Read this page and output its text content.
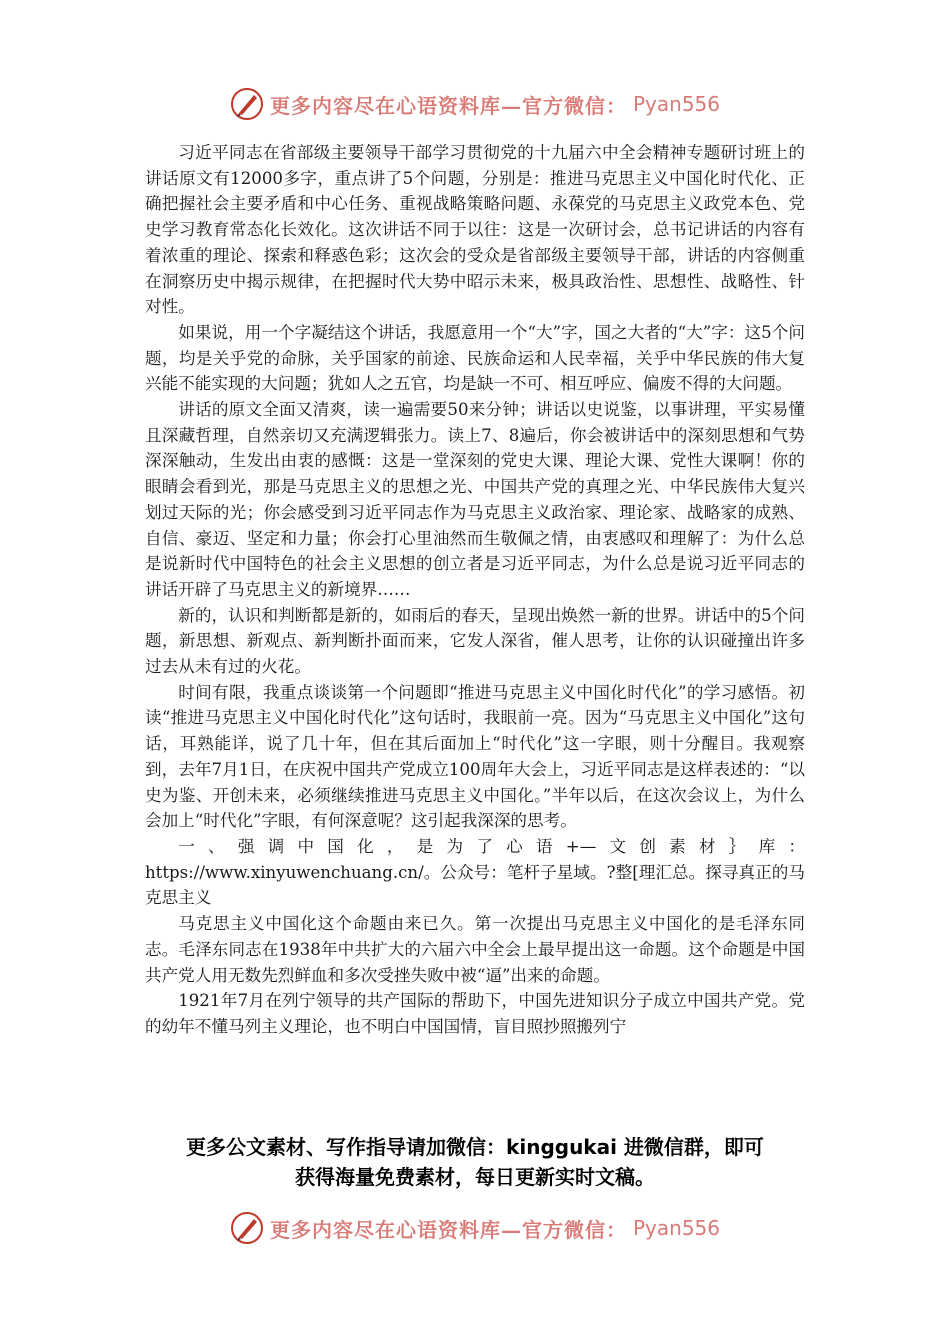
更多内容尽在心语资料库—官方微信： Pyan556

习近平同志在省部级主要领导干部学习贯彻党的十九届六中全会精神专题研讨班上的讲话原文有12000多字，重点讲了5个问题，分别是：推进马克思主义中国化时代化、正确把握社会主要矛盾和中心任务、重视战略策略问题、永葆党的马克思主义政党本色、党史学习教育常态化长效化。这次讲话不同于以往：这是一次研讨会，总书记讲话的内容有着浓重的理论、探索和释惑色彩；这次会的受众是省部级主要领导干部，讲话的内容侧重在洞察历史中揭示规律，在把握时代大势中昭示未来，极具政治性、思想性、战略性、针对性。

如果说，用一个字凝结这个讲话，我愿意用一个“大”字，国之大者的“大”字：这5个问题，均是关乎党的命脉，关乎国家的前途、民族命运和人民幸福，关乎中华民族的伟大复兴能不能实现的大问题；犹如人之五官，均是缺一不可、相互呼应、偏废不得的大问题。

讲话的原文全面又清爽，读一遍需要50来分钟；讲话以史说鉴，以事讲理，平实易懂且深藏哲理，自然亲切又充满逻辑张力。读上7、8遍后，你会被讲话中的深刻思想和气势深深触动，生发出由衷的感慨：这是一堂深刻的党史大课、理论大课、党性大课啊！你的眼睛会看到光，那是马克思主义的思想之光、中国共产党的真理之光、中华民族伟大复兴划过天际的光；你会感受到习近平同志作为马克思主义政治家、理论家、战略家的成熟、自信、豪迈、坚定和力量；你会打心里油然而生敬佩之情，由衷感叹和理解了：为什么总是说新时代中国特色的社会主义思想的创立者是习近平同志，为什么总是说习近平同志的讲话开辟了马克思主义的新境界……

新的，认识和判断都是新的，如雨后的春天，呈现出焕然一新的世界。讲话中的5个问题，新思想、新观点、新判断扑面而来，它发人深省，催人思考，让你的认识碰撞出许多过去从未有过的火花。

时间有限，我重点谈谈第一个问题即“推进马克思主义中国化时代化”的学习感悟。初读“推进马克思主义中国化时代化”这句话时，我眼前一亮。因为“马克思主义中国化”这句话，耳熟能详，说了几十年，但在其后面加上“时代化”这一字眼，则十分醒目。我观察到，去年7月1日，在庆祝中国共产党成立100周年大会上，习近平同志是这样表述的：“以史为鉴、开创未来，必须继续推进马克思主义中国化。”半年以后，在这次会议上，为什么会加上“时代化”字眼，有何深意呢？这引起我深深的思考。

一、强调中国化，是为了心语+—文创素材｝库：https://www.xinyuwenchuang.cn/。公众号：笔杆子星域。?整[理汇总。探寻真正的马克思主义

马克思主义中国化这个命题由来已久。第一次提出马克思主义中国化的是毛泽东同志。毛泽东同志在1938年中共扩大的六届六中全会上最早提出这一命题。这个命题是中国共产党人用无数先烈鲜血和多次受挫失败中被“逼”出来的命题。

1921年7月在列宁领导的共产国际的帮助下，中国先进知识分子成立中国共产党。党的幼年不懂马列主义理论，也不明白中国国情，盲目照抄照搬列宁

更多公文素材、写作指导请加微信：kinggukai 进微信群，即可
获得海量免费素材，每日更新实时文稿。
更多内容尽在心语资料库—官方微信： Pyan556
